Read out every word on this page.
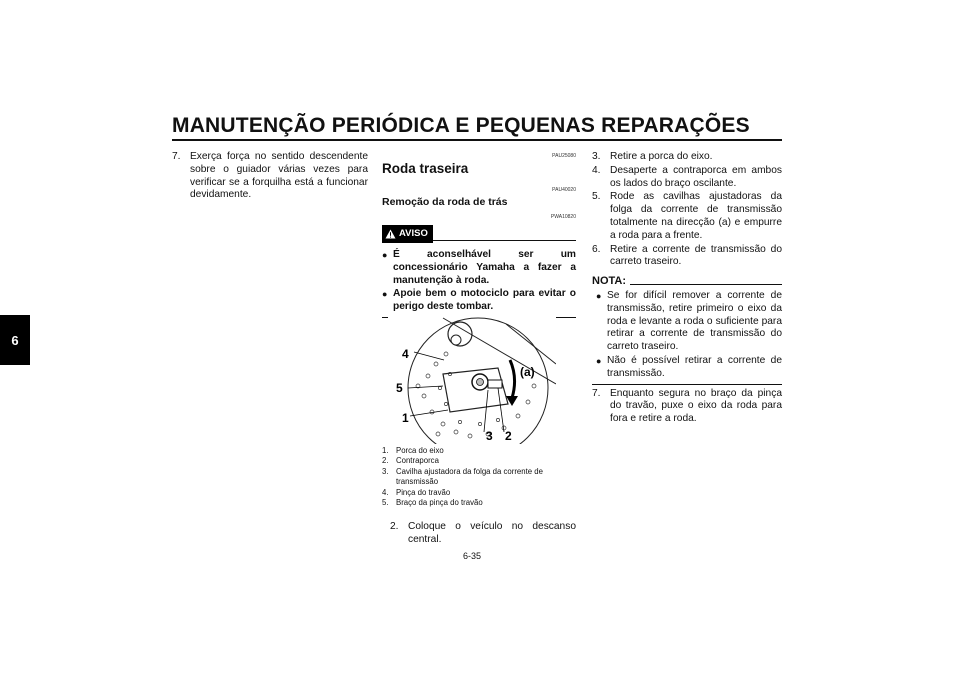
MANUTENÇÃO PERIÓDICA E PEQUENAS REPARAÇÕES
6
7. Exerça força no sentido descendente sobre o guiador várias vezes para verificar se a forquilha está a funcionar devidamente.
PAU25080
Roda traseira
PAU40020
Remoção da roda de trás
PWA10820
AVISO
● É aconselhável ser um concessionário Yamaha a fazer a manutenção à roda.
● Apoie bem o motociclo para evitar o perigo deste tombar.
4
5
1
3 2
(a)
1. Porca do eixo
2. Contraporca
3. Cavilha ajustadora da folga da corrente de transmissão
4. Pinça do travão
5. Braço da pinça do travão
2. Coloque o veículo no descanso central.
3. Retire a porca do eixo.
4. Desaperte a contraporca em ambos os lados do braço oscilante.
5. Rode as cavilhas ajustadoras da folga da corrente de transmissão totalmente na direcção (a) e empurre a roda para a frente.
6. Retire a corrente de transmissão do carreto traseiro.
NOTA:
● Se for difícil remover a corrente de transmissão, retire primeiro o eixo da roda e levante a roda o suficiente para retirar a corrente de transmissão do carreto traseiro.
● Não é possível retirar a corrente de transmissão.
7. Enquanto segura no braço da pinça do travão, puxe o eixo da roda para fora e retire a roda.
6-35
